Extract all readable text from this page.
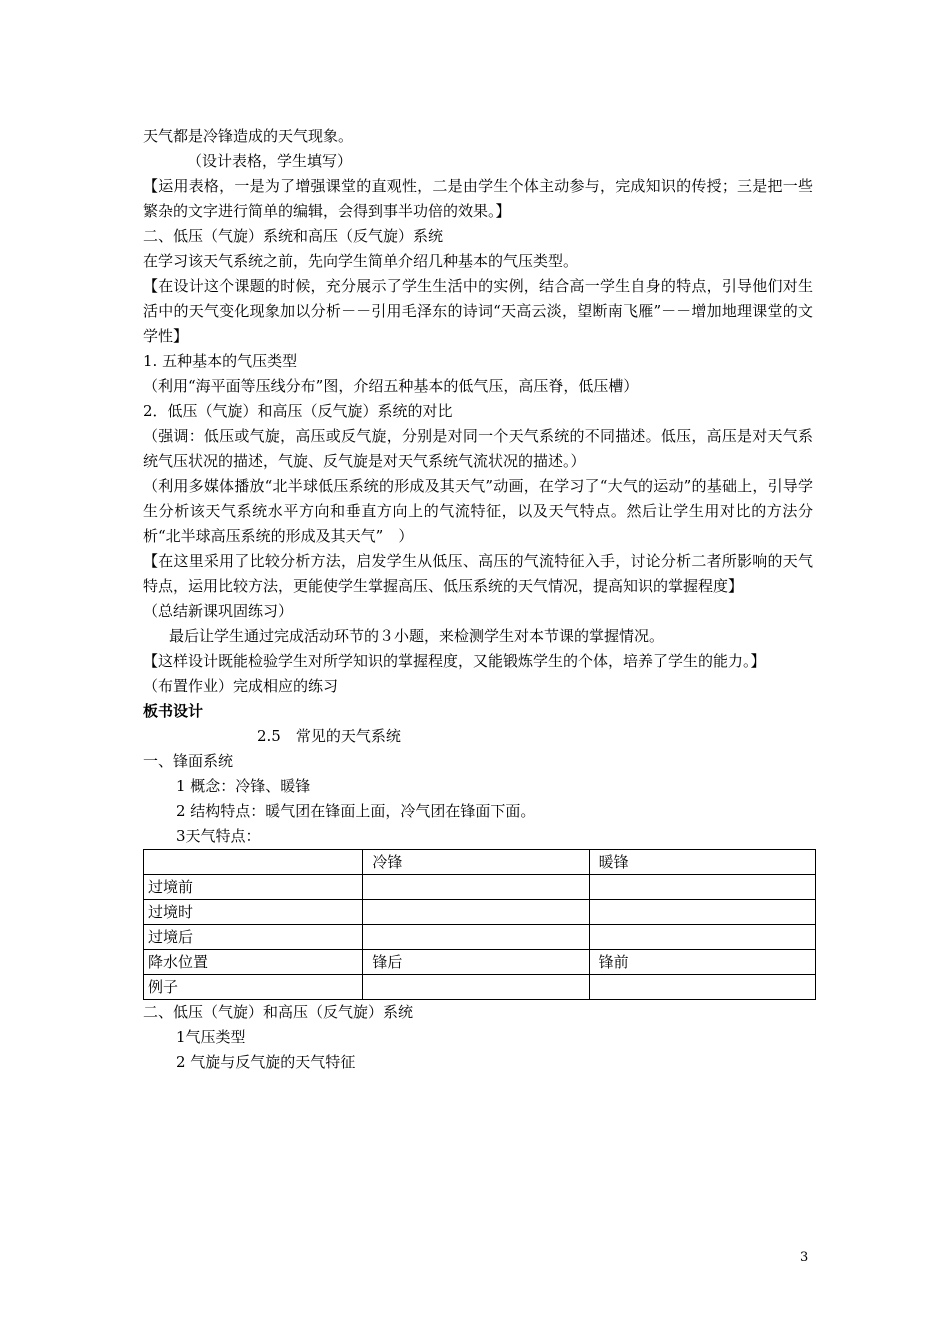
天气都是冷锋造成的天气现象。

（设计表格，学生填写）

【运用表格，一是为了增强课堂的直观性，二是由学生个体主动参与，完成知识的传授；三是把一些繁杂的文字进行简单的编辑，会得到事半功倍的效果。】

二、低压（气旋）系统和高压（反气旋）系统

在学习该天气系统之前，先向学生简单介绍几种基本的气压类型。

【在设计这个课题的时候，充分展示了学生生活中的实例，结合高一学生自身的特点，引导他们对生活中的天气变化现象加以分析－－引用毛泽东的诗词“天高云淡，望断南飞雁”－－增加地理课堂的文学性】

1. 五种基本的气压类型

（利用“海平面等压线分布”图，介绍五种基本的低气压，高压脊，低压槽）

2．低压（气旋）和高压（反气旋）系统的对比

（强调：低压或气旋，高压或反气旋，分别是对同一个天气系统的不同描述。低压，高压是对天气系统气压状况的描述，气旋、反气旋是对天气系统气流状况的描述。）

（利用多媒体播放“北半球低压系统的形成及其天气”动画，在学习了“大气的运动”的基础上，引导学生分析该天气系统水平方向和垂直方向上的气流特征，以及天气特点。然后让学生用对比的方法分析“北半球高压系统的形成及其天气”　）

【在这里采用了比较分析方法，启发学生从低压、高压的气流特征入手，讨论分析二者所影响的天气特点，运用比较方法，更能使学生掌握高压、低压系统的天气情况，提高知识的掌握程度】

（总结新课巩固练习）

最后让学生通过完成活动环节的３小题，来检测学生对本节课的掌握情况。

【这样设计既能检验学生对所学知识的掌握程度，又能锻炼学生的个体，培养了学生的能力。】

（布置作业）完成相应的练习

板书设计

2.5　常见的天气系统

一、锋面系统

1 概念：冷锋、暖锋

2 结构特点：暖气团在锋面上面，冷气团在锋面下面。

3天气特点：

	冷锋	暖锋
过境前		
过境时		
过境后		
降水位置	锋后	锋前
例子		

二、低压（气旋）和高压（反气旋）系统

1气压类型

2 气旋与反气旋的天气特征

3
